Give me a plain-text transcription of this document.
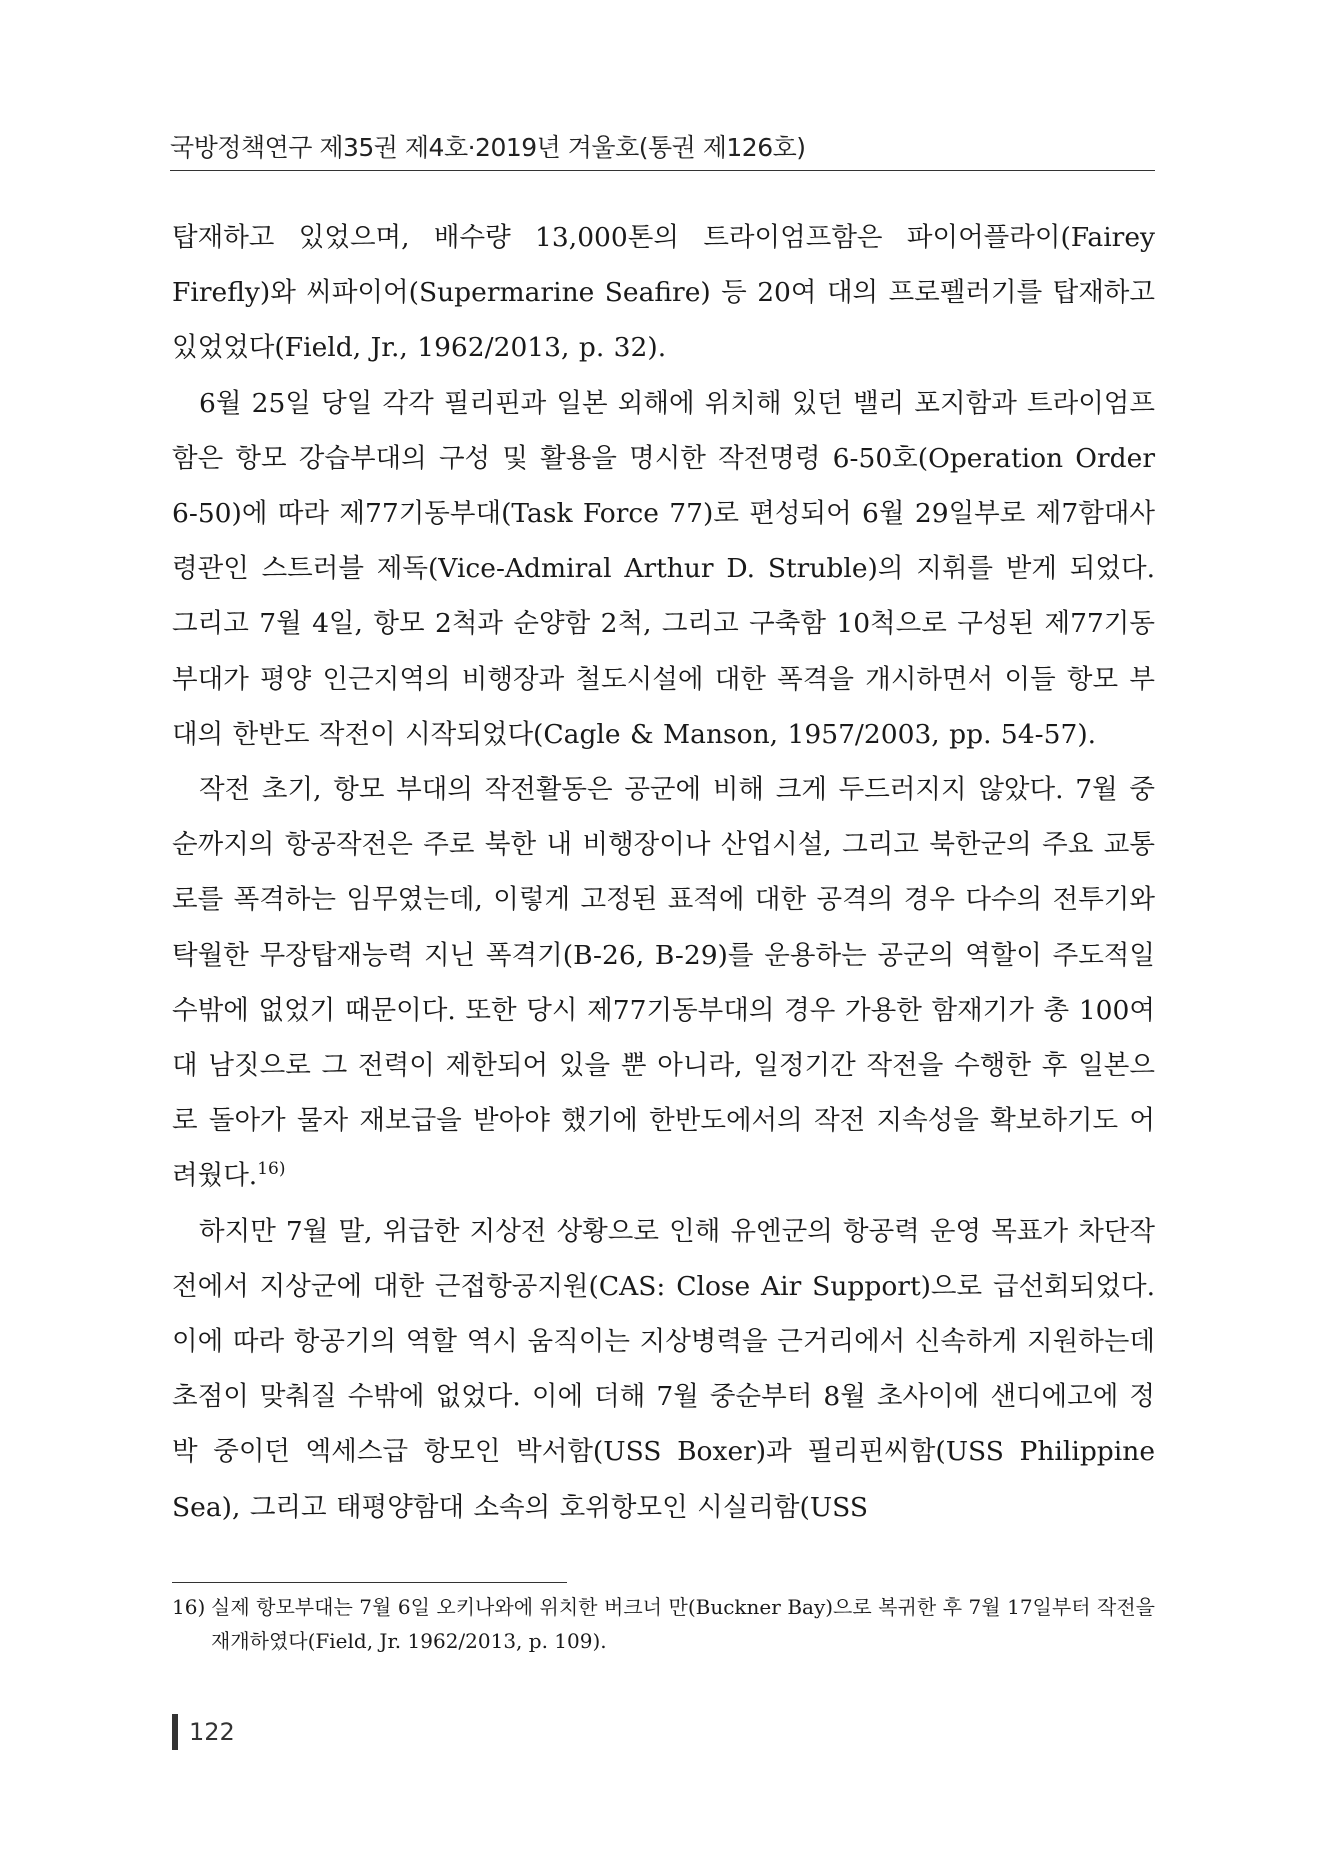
국방정책연구 제35권 제4호·2019년 겨울호(통권 제126호)

탑재하고 있었으며, 배수량 13,000톤의 트라이엄프함은 파이어플라이(Fairey Firefly)와 씨파이어(Supermarine Seafire) 등 20여 대의 프로펠러기를 탑재하고 있었었다(Field, Jr., 1962/2013, p. 32).

6월 25일 당일 각각 필리핀과 일본 외해에 위치해 있던 밸리 포지함과 트라이엄프함은 항모 강습부대의 구성 및 활용을 명시한 작전명령 6-50호(Operation Order 6-50)에 따라 제77기동부대(Task Force 77)로 편성되어 6월 29일부로 제7함대사령관인 스트러블 제독(Vice-Admiral Arthur D. Struble)의 지휘를 받게 되었다. 그리고 7월 4일, 항모 2척과 순양함 2척, 그리고 구축함 10척으로 구성된 제77기동부대가 평양 인근지역의 비행장과 철도시설에 대한 폭격을 개시하면서 이들 항모 부대의 한반도 작전이 시작되었다(Cagle & Manson, 1957/2003, pp. 54-57).

작전 초기, 항모 부대의 작전활동은 공군에 비해 크게 두드러지지 않았다. 7월 중순까지의 항공작전은 주로 북한 내 비행장이나 산업시설, 그리고 북한군의 주요 교통로를 폭격하는 임무였는데, 이렇게 고정된 표적에 대한 공격의 경우 다수의 전투기와 탁월한 무장탑재능력 지닌 폭격기(B-26, B-29)를 운용하는 공군의 역할이 주도적일 수밖에 없었기 때문이다. 또한 당시 제77기동부대의 경우 가용한 함재기가 총 100여 대 남짓으로 그 전력이 제한되어 있을 뿐 아니라, 일정기간 작전을 수행한 후 일본으로 돌아가 물자 재보급을 받아야 했기에 한반도에서의 작전 지속성을 확보하기도 어려웠다.$^{16)}$

하지만 7월 말, 위급한 지상전 상황으로 인해 유엔군의 항공력 운영 목표가 차단작전에서 지상군에 대한 근접항공지원(CAS: Close Air Support)으로 급선회되었다. 이에 따라 항공기의 역할 역시 움직이는 지상병력을 근거리에서 신속하게 지원하는데 초점이 맞춰질 수밖에 없었다. 이에 더해 7월 중순부터 8월 초사이에 샌디에고에 정박 중이던 엑세스급 항모인 박서함(USS Boxer)과 필리핀씨함(USS Philippine Sea), 그리고 태평양함대 소속의 호위항모인 시실리함(USS

16) 실제 항모부대는 7월 6일 오키나와에 위치한 버크너 만(Buckner Bay)으로 복귀한 후 7월 17일부터 작전을 재개하였다(Field, Jr. 1962/2013, p. 109).
122
